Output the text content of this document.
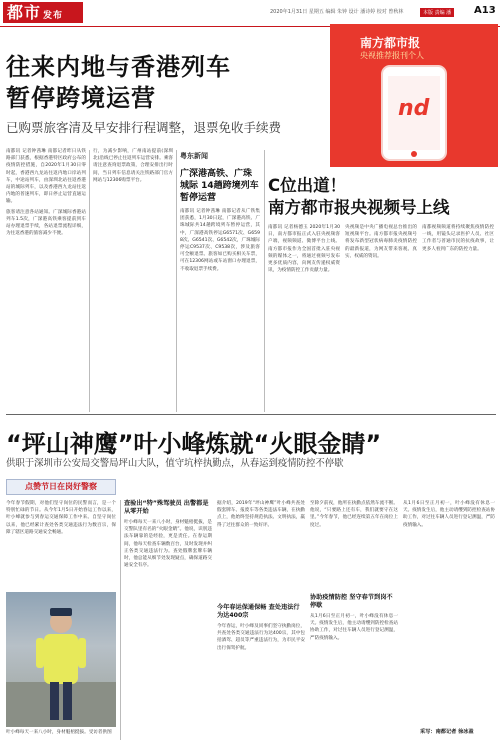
都市 发布	2020年1月31日 星期五 编辑 朱钟 设计 潘诗婷 校对 曾秋林	本版 责编 潘	A13
往来内地与香港列车
暂停跨境运营
已购票旅客清及早安排行程调整，退票免收手续费
南都讯 记者钟茜琳 南都记者昨日从铁路部门获悉，根据香港特区政府公布的疫情防控措施，自2020年1月30日零时起，香港西九龙站往返内地口岸站列车，中途站列车，由深圳北站往返香港站的城际列车，以及香港西九龙站往返内地的普速列车，即日停止运营直通运输。
旅客请注意各站通知。广深城际香港站列车1.5次，广深港高铁乘客提前到车站办理退票手续，各站退票流程详细，为往返香港的旅客减少不便。
行，为减少影响，广州南站提前(深圳北)沿线已停止往返列车运营安排。乘客请注意查询退票政策，合理安排出行时间，当日列车信息请关注铁路部门官方网站与12306购票平台。
粤东新闻
广深港高铁、广珠城际 14趟跨境列车暂停运营
南都讯 记者钟茜琳 南都记者从广铁集团获悉，1月30日起，广深港高铁、广珠城际共14趟跨境列车暂停运营，其中，广深港高铁停运G6571次、G6598次、G6541次、G6542次，广珠城际停运C9537次、C9538次，涉及旅客可全额退票。旅客如已购买相关车票，可在12306网站或车站窗口办理退票，不收取退票手续费。
南方都市报
央视推荐报刊个人
nd
C位出道！
南方都市报央视频号上线
南都讯 记者杨德玉 2020年1月30日，南方都市报正式入驻央视频客户端，视频频道、微博平台上线。南方都市报作为全国首批入驻央视频的媒体之一，将通过视频号发布更多优质内容，向网友传递权威资讯，为疫情防控工作贡献力量。
央视频是中央广播电视总台推出的短视频平台。南方都市报央视频号将发布新型冠状病毒肺炎疫情防控的最新报道，为网友带来客观、真实、权威的资讯。
南都视频频道将持续聚焦疫情防控一线，用镜头记录医护人员、社区工作者与普通市民的抗疫故事，让更多人看到广东的防控力量。
“坪山神鹰”叶小峰炼就“火眼金睛”
供职于深圳市公安局交警局坪山大队，值守坑梓执勤点，从春运到疫情防控不停歇
点赞节日在岗好警察
今年春节假期，对他们坚守岗位的民警而言，是一个特别忙碌的节日。从今年1月5日开始春运工作以来，叶小峰就参与到春运交通保障工作中来。自坚守岗位以来，他已经累计查处各类交通违法行为数百宗，保障了辖区道路交通安全畅通。
叶小峰每天一来八小时，身材魁梧挺拔。受访者供图
查验出“特”殊驾驶员 出警都是从零开始
叶小峰每天一来八小时，身材魁梧挺拔，是交警队里有名的“火眼金睛”。他说，识别违法车辆靠的是经验，更是责任。在春运期间，他每天检查车辆数百台，及时发现并纠正各类交通违法行为。查处假牌套牌车辆时，他总能从细节处发现疑点，确保道路交通安全有序。
据介绍，2019年“坪山神鹰”叶小峰共查处假套牌车、报废车等各类违法车辆，在执勤点上，他始终坚持规范执法、文明执法，赢得了过往群众的一致好评。
今年春运保通保畅 查处违法行为达400宗
今年春运，叶小峰及同事们坚守执勤岗位，共查处各类交通违法行为达400宗，其中包括酒驾、超员等严重违法行为，为市民平安出行保驾护航。
至除夕前夜，他所在执勤点依然车流不断。他说，“只要路上还有车，我们就要守在这里。”今年春节，他已经连续第五年在岗位上度过。
协助疫情防控 坚守春节到岗不停歇
从1月6日至正月初一，叶小峰没有休息一天。疫情发生后，他主动请缨到防控检查站协助工作，对过往车辆人员进行登记测温，严防疫情输入。
从1月6日至正月初一，叶小峰没有休息一天。疫情发生后，他主动请缨到防控检查站协助工作，对过往车辆人员进行登记测温，严防疫情输入。
采写：南都记者 徐冰盈
